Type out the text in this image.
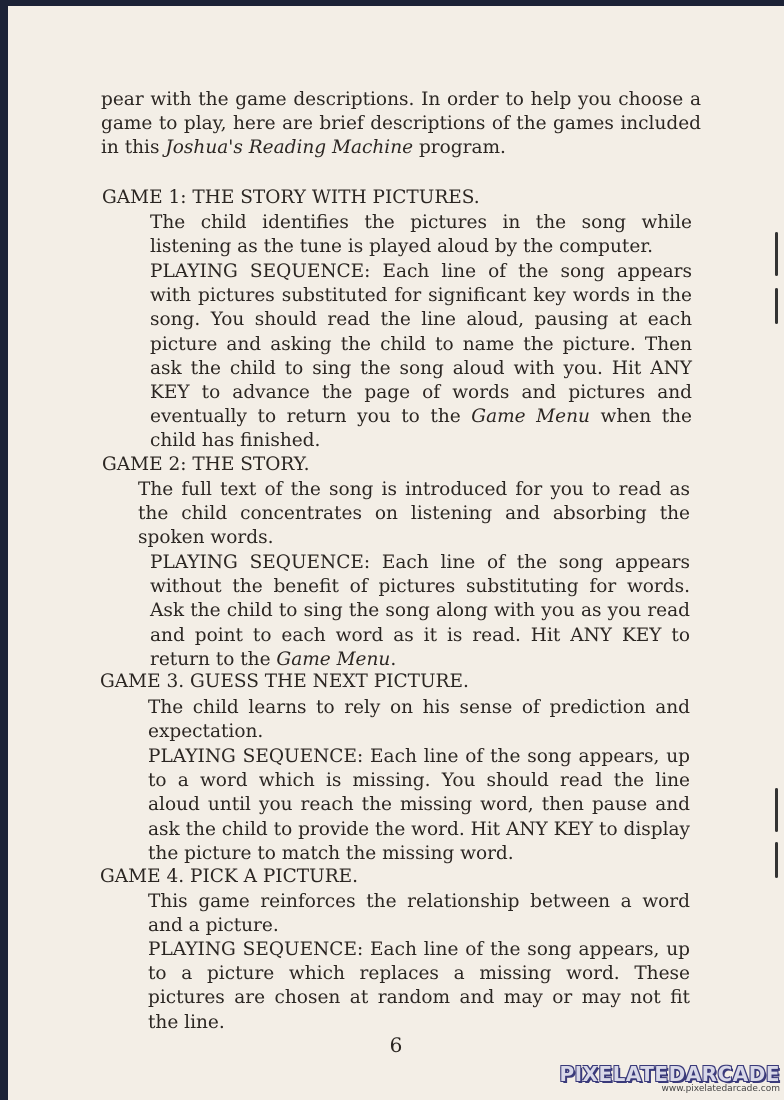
pear with the game descriptions. In order to help you choose a game to play, here are brief descriptions of the games included in this Joshua's Reading Machine program.
GAME 1: THE STORY WITH PICTURES.
The child identifies the pictures in the song while listening as the tune is played aloud by the computer.
PLAYING SEQUENCE: Each line of the song appears with pictures substituted for significant key words in the song. You should read the line aloud, pausing at each picture and asking the child to name the picture. Then ask the child to sing the song aloud with you. Hit ANY KEY to advance the page of words and pictures and eventually to return you to the Game Menu when the child has finished.
GAME 2: THE STORY.
The full text of the song is introduced for you to read as the child concentrates on listening and absorbing the spoken words.
PLAYING SEQUENCE: Each line of the song appears without the benefit of pictures substituting for words. Ask the child to sing the song along with you as you read and point to each word as it is read. Hit ANY KEY to return to the Game Menu.
GAME 3. GUESS THE NEXT PICTURE.
The child learns to rely on his sense of prediction and expectation.
PLAYING SEQUENCE: Each line of the song appears, up to a word which is missing. You should read the line aloud until you reach the missing word, then pause and ask the child to provide the word. Hit ANY KEY to display the picture to match the missing word.
GAME 4. PICK A PICTURE.
This game reinforces the relationship between a word and a picture.
PLAYING SEQUENCE: Each line of the song appears, up to a picture which replaces a missing word. These pictures are chosen at random and may or may not fit the line.
6
PIXELATEDARCADE
www.pixelatedarcade.com
